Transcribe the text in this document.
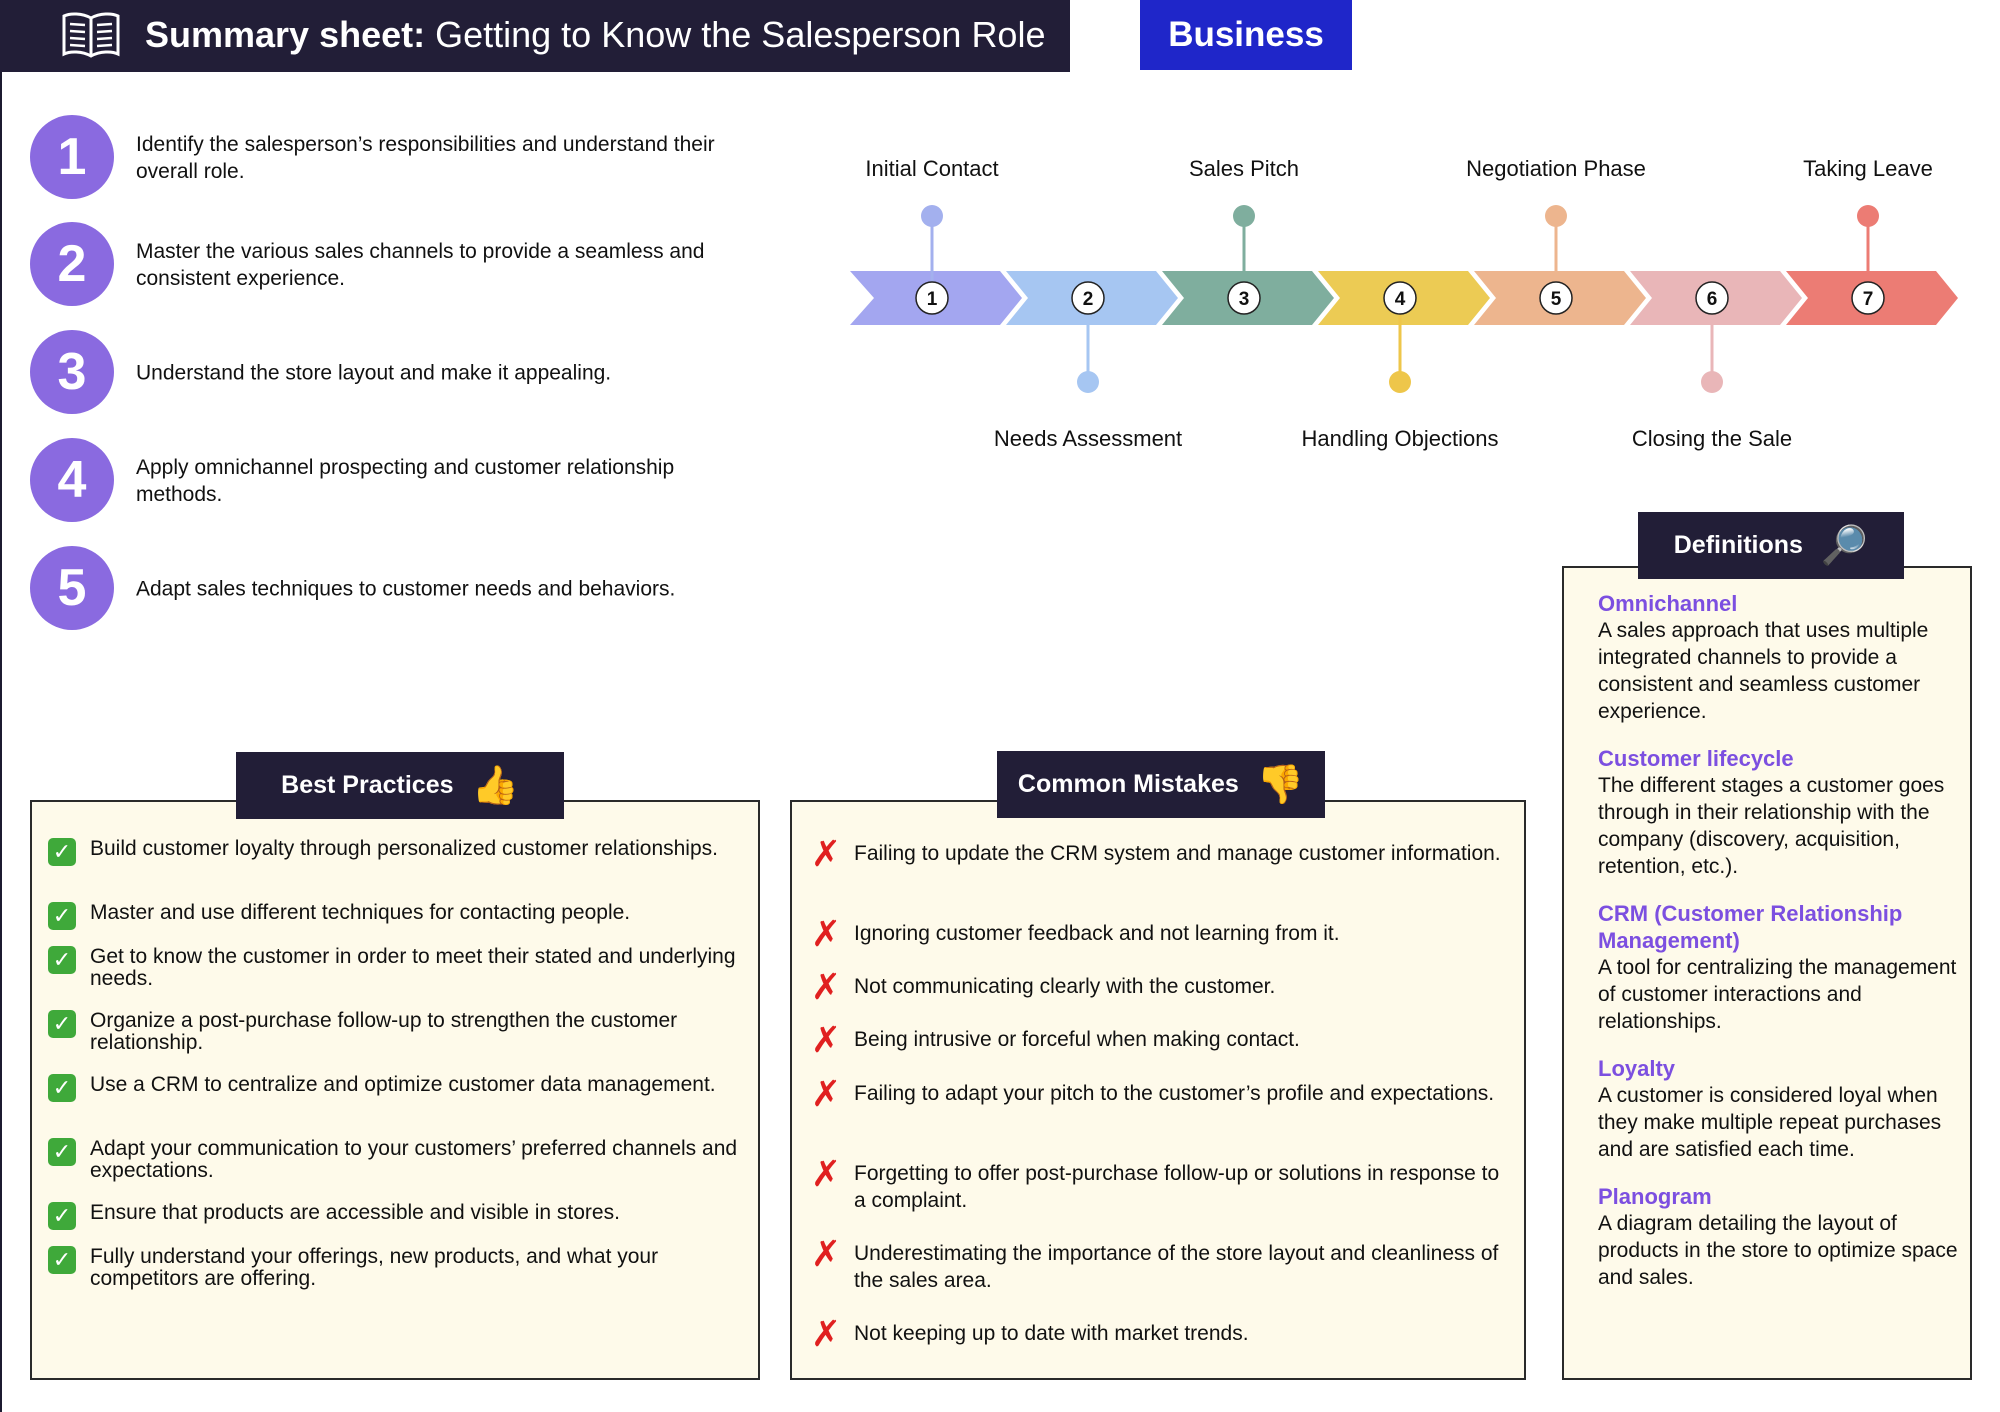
Summary sheet: Getting to Know the Salesperson Role	Business
1	Identify the salesperson’s responsibilities and understand their overall role.
2	Master the various sales channels to provide a seamless and consistent experience.
3	Understand the store layout and make it appealing.
4	Apply omnichannel prospecting and customer relationship methods.
5	Adapt sales techniques to customer needs and behaviors.
1	2	3	4	5	6	7
Initial Contact
Needs Assessment
Sales Pitch
Handling Objections
Negotiation Phase
Closing the Sale
Taking Leave
Best Practices 👍
✓ Build customer loyalty through personalized customer relationships.
✓ Master and use different techniques for contacting people.
✓ Get to know the customer in order to meet their stated and underlying needs.
✓ Organize a post-purchase follow-up to strengthen the customer relationship.
✓ Use a CRM to centralize and optimize customer data management.
✓ Adapt your communication to your customers’ preferred channels and expectations.
✓ Ensure that products are accessible and visible in stores.
✓ Fully understand your offerings, new products, and what your competitors are offering.
Common Mistakes 👎
✗ Failing to update the CRM system and manage customer information.
✗ Ignoring customer feedback and not learning from it.
✗ Not communicating clearly with the customer.
✗ Being intrusive or forceful when making contact.
✗ Failing to adapt your pitch to the customer’s profile and expectations.
✗ Forgetting to offer post-purchase follow-up or solutions in response to a complaint.
✗ Underestimating the importance of the store layout and cleanliness of the sales area.
✗ Not keeping up to date with market trends.
Definitions 🔎
Omnichannel
A sales approach that uses multiple integrated channels to provide a consistent and seamless customer experience.
Customer lifecycle
The different stages a customer goes through in their relationship with the company (discovery, acquisition, retention, etc.).
CRM (Customer Relationship Management)
A tool for centralizing the management of customer interactions and relationships.
Loyalty
A customer is considered loyal when they make multiple repeat purchases and are satisfied each time.
Planogram
A diagram detailing the layout of products in the store to optimize space and sales.
